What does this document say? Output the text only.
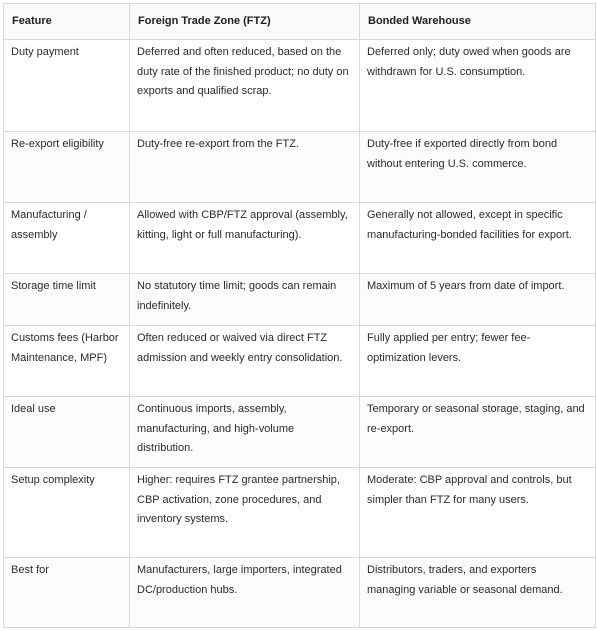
Feature	Foreign Trade Zone (FTZ)	Bonded Warehouse
Duty payment	Deferred and often reduced, based on the duty rate of the finished product; no duty on exports and qualified scrap.	Deferred only; duty owed when goods are withdrawn for U.S. consumption.
Re-export eligibility	Duty-free re-export from the FTZ.	Duty-free if exported directly from bond without entering U.S. commerce.
Manufacturing / assembly	Allowed with CBP/FTZ approval (assembly, kitting, light or full manufacturing).	Generally not allowed, except in specific manufacturing-bonded facilities for export.
Storage time limit	No statutory time limit; goods can remain indefinitely.	Maximum of 5 years from date of import.
Customs fees (Harbor Maintenance, MPF)	Often reduced or waived via direct FTZ admission and weekly entry consolidation.	Fully applied per entry; fewer fee-optimization levers.
Ideal use	Continuous imports, assembly, manufacturing, and high-volume distribution.	Temporary or seasonal storage, staging, and re-export.
Setup complexity	Higher: requires FTZ grantee partnership, CBP activation, zone procedures, and inventory systems.	Moderate: CBP approval and controls, but simpler than FTZ for many users.
Best for	Manufacturers, large importers, integrated DC/production hubs.	Distributors, traders, and exporters managing variable or seasonal demand.
